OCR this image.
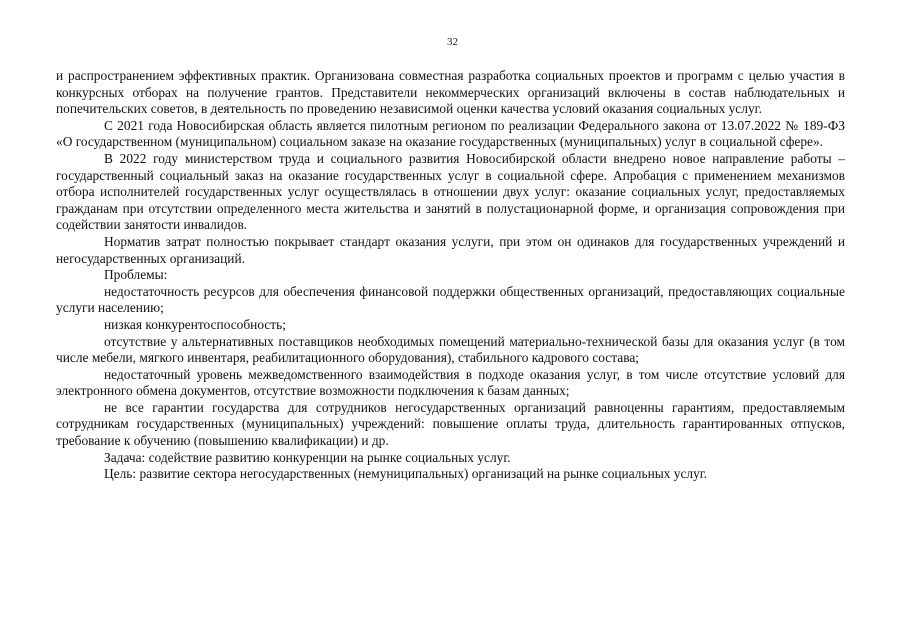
32

и распространением эффективных практик. Организована совместная разработка социальных проектов и программ с целью участия в конкурсных отборах на получение грантов. Представители некоммерческих организаций включены в состав наблюдательных и попечительских советов, в деятельность по проведению независимой оценки качества условий оказания социальных услуг.

С 2021 года Новосибирская область является пилотным регионом по реализации Федерального закона от 13.07.2022 № 189-ФЗ «О государственном (муниципальном) социальном заказе на оказание государственных (муниципальных) услуг в социальной сфере».

В 2022 году министерством труда и социального развития Новосибирской области внедрено новое направление работы – государственный социальный заказ на оказание государственных услуг в социальной сфере. Апробация с применением механизмов отбора исполнителей государственных услуг осуществлялась в отношении двух услуг: оказание социальных услуг, предоставляемых гражданам при отсутствии определенного места жительства и занятий в полустационарной форме, и организация сопровождения при содействии занятости инвалидов.

Норматив затрат полностью покрывает стандарт оказания услуги, при этом он одинаков для государственных учреждений и негосударственных организаций.

Проблемы:

недостаточность ресурсов для обеспечения финансовой поддержки общественных организаций, предоставляющих социальные услуги населению;

низкая конкурентоспособность;

отсутствие у альтернативных поставщиков необходимых помещений материально-технической базы для оказания услуг (в том числе мебели, мягкого инвентаря, реабилитационного оборудования), стабильного кадрового состава;

недостаточный уровень межведомственного взаимодействия в подходе оказания услуг, в том числе отсутствие условий для электронного обмена документов, отсутствие возможности подключения к базам данных;

не все гарантии государства для сотрудников негосударственных организаций равноценны гарантиям, предоставляемым сотрудникам государственных (муниципальных) учреждений: повышение оплаты труда, длительность гарантированных отпусков, требование к обучению (повышению квалификации) и др.

Задача: содействие развитию конкуренции на рынке социальных услуг.

Цель: развитие сектора негосударственных (немуниципальных) организаций на рынке социальных услуг.
